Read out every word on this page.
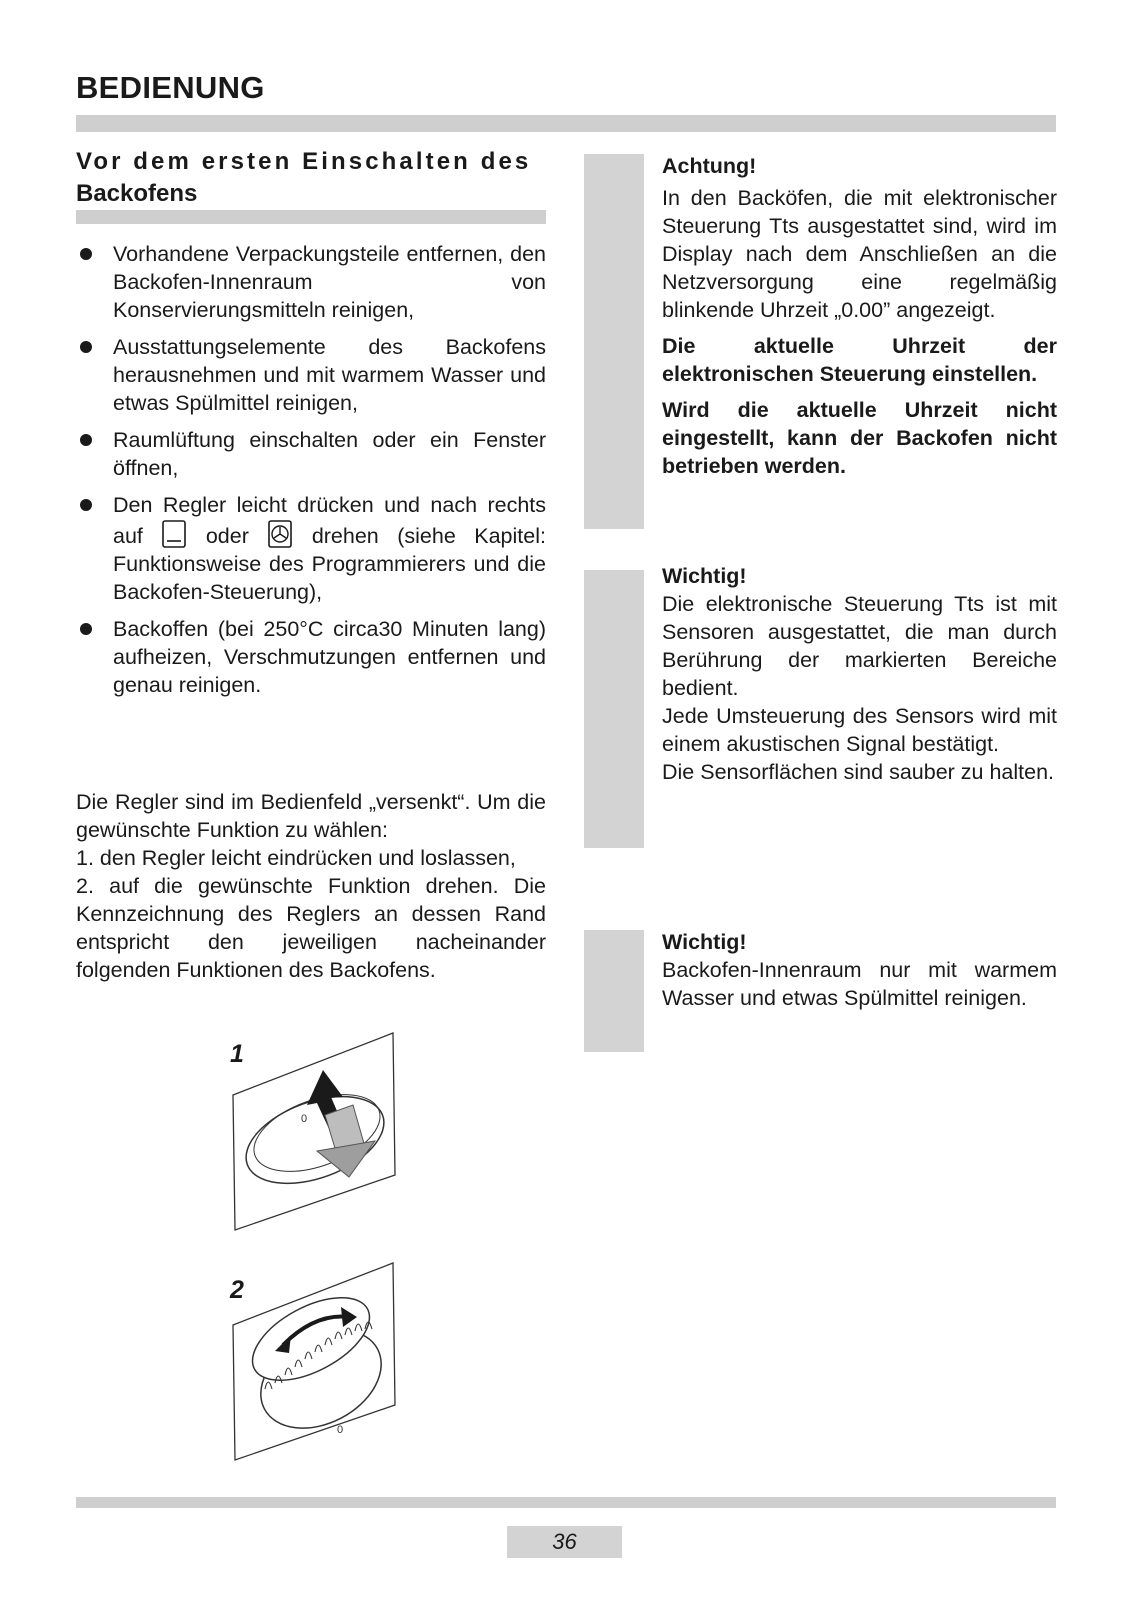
BEDIENUNG
Vor dem ersten Einschalten des
Backofens
Vorhandene Verpackungsteile entfernen, den Backofen-Innenraum von Konservierungsmitteln reinigen,
Ausstattungselemente des Backofens herausnehmen und mit warmem Wasser und etwas Spülmittel reinigen,
Raumlüftung einschalten oder ein Fenster öffnen,
Den Regler leicht drücken und nach rechts auf	oder	drehen (siehe Kapitel: Funktionsweise des Programmierers und die Backofen-Steuerung),
Backoffen (bei 250°C circa30 Minuten lang) aufheizen, Verschmutzungen entfernen und genau reinigen.

Die Regler sind im Bedienfeld „versenkt“. Um die gewünschte Funktion zu wählen:

1. den Regler leicht eindrücken und loslassen,

2. auf die gewünschte Funktion drehen. Die Kennzeichnung des Reglers an dessen Rand entspricht den jeweiligen nacheinander folgenden Funktionen des Backofens.

1
0
2
0

Achtung!

In den Backöfen, die mit elektronischer Steuerung Tts ausgestattet sind, wird im Display nach dem Anschließen an die Netzversorgung eine regelmäßig blinkende Uhrzeit „0.00” angezeigt.

Die aktuelle Uhrzeit der elektronischen Steuerung einstellen.

Wird die aktuelle Uhrzeit nicht eingestellt, kann der Backofen nicht betrieben werden.

Wichtig!

Die elektronische Steuerung Tts ist mit Sensoren ausgestattet, die man durch Berührung der markierten Bereiche bedient.

Jede Umsteuerung des Sensors wird mit einem akustischen Signal bestätigt.

Die Sensorflächen sind sauber zu halten.

Wichtig!

Backofen-Innenraum nur mit warmem Wasser und etwas Spülmittel reinigen.

36
